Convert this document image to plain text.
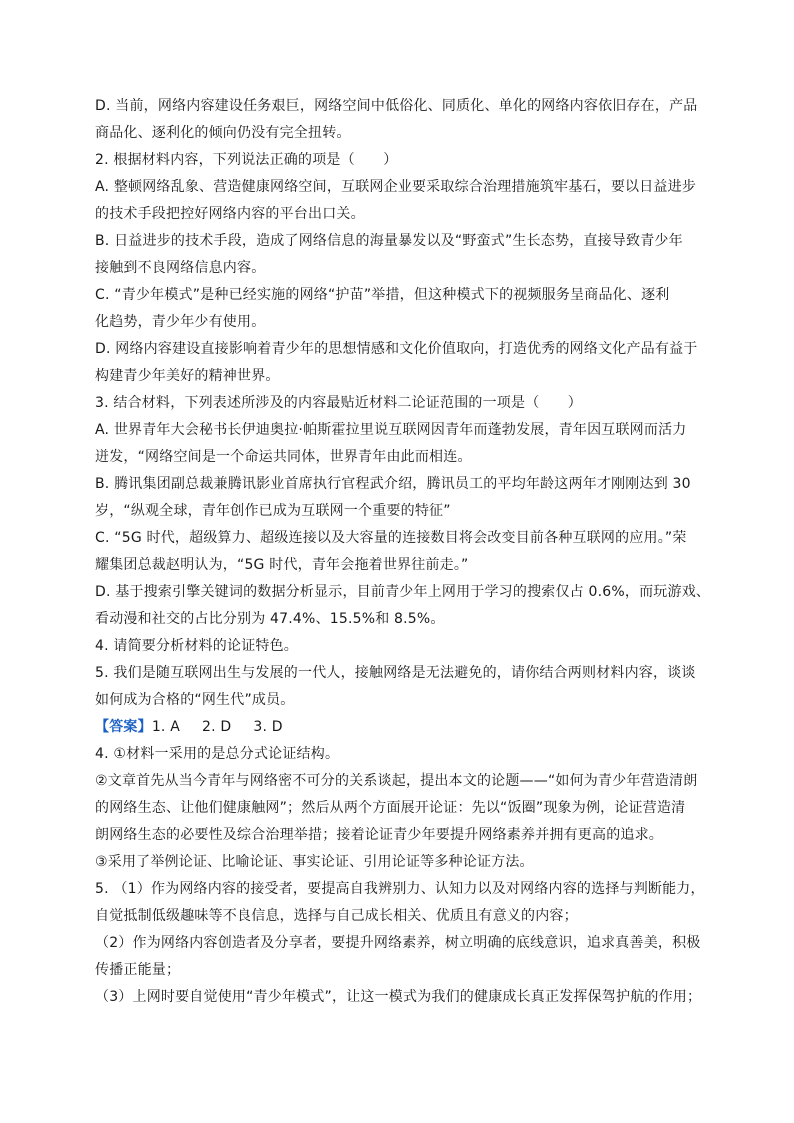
D. 当前，网络内容建设任务艰巨，网络空间中低俗化、同质化、单化的网络内容依旧存在，产品
商品化、逐利化的倾向仍没有完全扭转。
2. 根据材料内容，下列说法正确的项是（　　）
A. 整顿网络乱象、营造健康网络空间，互联网企业要采取综合治理措施筑牢基石，要以日益进步
的技术手段把控好网络内容的平台出口关。
B. 日益进步的技术手段，造成了网络信息的海量暴发以及“野蛮式”生长态势，直接导致青少年
接触到不良网络信息内容。
C. “青少年模式”是种已经实施的网络“护苗”举措，但这种模式下的视频服务呈商品化、逐利
化趋势，青少年少有使用。
D. 网络内容建设直接影响着青少年的思想情感和文化价值取向，打造优秀的网络文化产品有益于
构建青少年美好的精神世界。
3. 结合材料，下列表述所涉及的内容最贴近材料二论证范围的一项是（　　）
A. 世界青年大会秘书长伊迪奥拉·帕斯霍拉里说互联网因青年而蓬勃发展，青年因互联网而活力
迸发，“网络空间是一个命运共同体，世界青年由此而相连。
B. 腾讯集团副总裁兼腾讯影业首席执行官程武介绍，腾讯员工的平均年龄这两年才刚刚达到 30
岁，“纵观全球，青年创作已成为互联网一个重要的特征”
C. “5G 时代，超级算力、超级连接以及大容量的连接数目将会改变目前各种互联网的应用。”荣
耀集团总裁赵明认为，“5G 时代，青年会拖着世界往前走。”
D. 基于搜索引擎关键词的数据分析显示，目前青少年上网用于学习的搜索仅占 0.6%，而玩游戏、
看动漫和社交的占比分别为 47.4%、15.5%和 8.5%。
4. 请简要分析材料的论证特色。
5. 我们是随互联网出生与发展的一代人，接触网络是无法避免的，请你结合两则材料内容，谈谈
如何成为合格的“网生代”成员。
【答案】1. A 2. D 3. D
4. ①材料一采用的是总分式论证结构。
②文章首先从当今青年与网络密不可分的关系谈起，提出本文的论题——“如何为青少年营造清朗
的网络生态、让他们健康触网”；然后从两个方面展开论证：先以“饭圈”现象为例，论证营造清
朗网络生态的必要性及综合治理举措；接着论证青少年要提升网络素养并拥有更高的追求。
③采用了举例论证、比喻论证、事实论证、引用论证等多种论证方法。
5. （1）作为网络内容的接受者，要提高自我辨别力、认知力以及对网络内容的选择与判断能力，
自觉抵制低级趣味等不良信息，选择与自己成长相关、优质且有意义的内容；
（2）作为网络内容创造者及分享者，要提升网络素养，树立明确的底线意识，追求真善美，积极
传播正能量；
（3）上网时要自觉使用“青少年模式”，让这一模式为我们的健康成长真正发挥保驾护航的作用；
